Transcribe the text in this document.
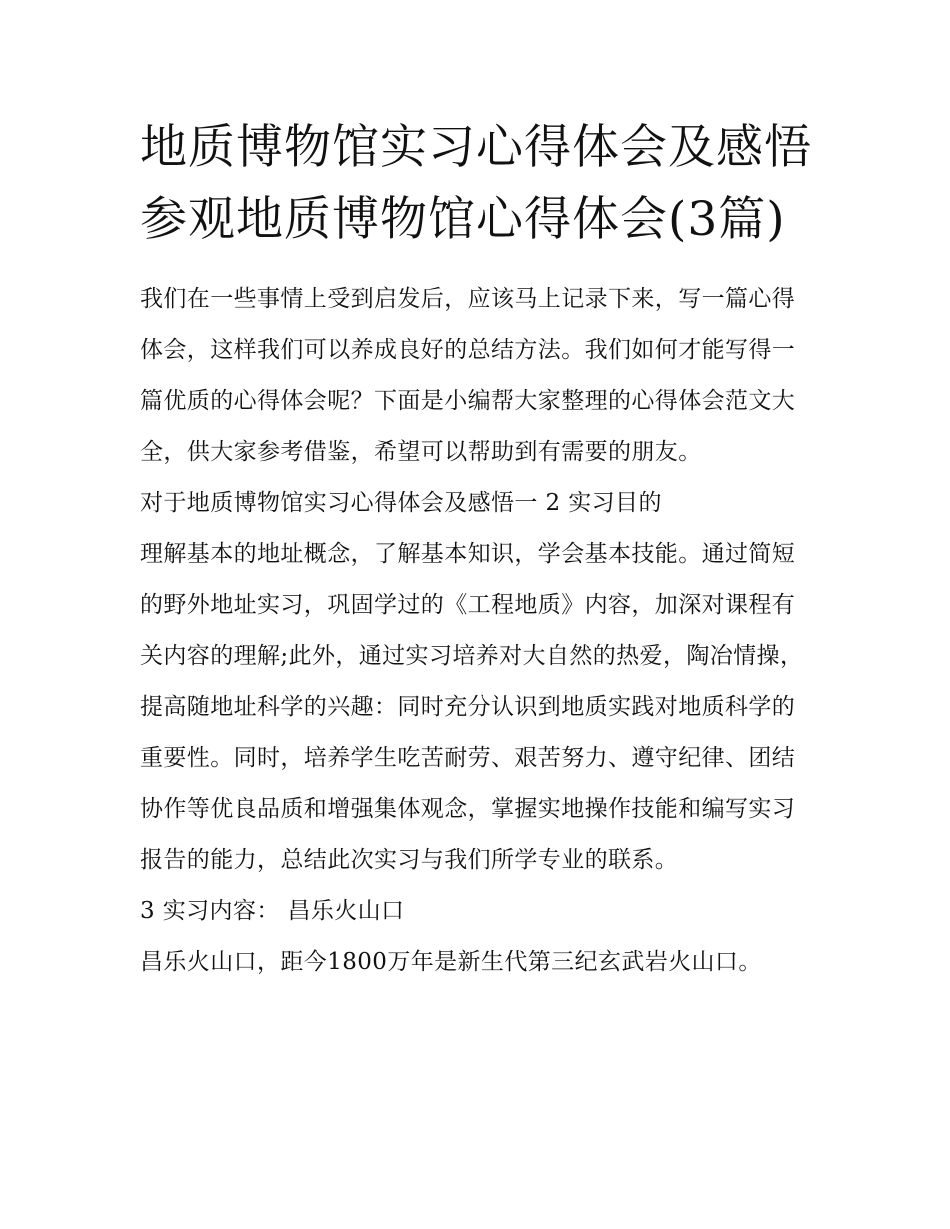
地质博物馆实习心得体会及感悟 参观地质博物馆心得体会(3篇)

我们在一些事情上受到启发后，应该马上记录下来，写一篇心得体会，这样我们可以养成良好的总结方法。我们如何才能写得一篇优质的心得体会呢？下面是小编帮大家整理的心得体会范文大全，供大家参考借鉴，希望可以帮助到有需要的朋友。

对于地质博物馆实习心得体会及感悟一 2 实习目的

理解基本的地址概念，了解基本知识，学会基本技能。通过简短的野外地址实习，巩固学过的《工程地质》内容，加深对课程有关内容的理解;此外，通过实习培养对大自然的热爱，陶冶情操，提高随地址科学的兴趣：同时充分认识到地质实践对地质科学的重要性。同时，培养学生吃苦耐劳、艰苦努力、遵守纪律、团结协作等优良品质和增强集体观念，掌握实地操作技能和编写实习报告的能力，总结此次实习与我们所学专业的联系。

3 实习内容： 昌乐火山口

昌乐火山口，距今1800万年是新生代第三纪玄武岩火山口。
